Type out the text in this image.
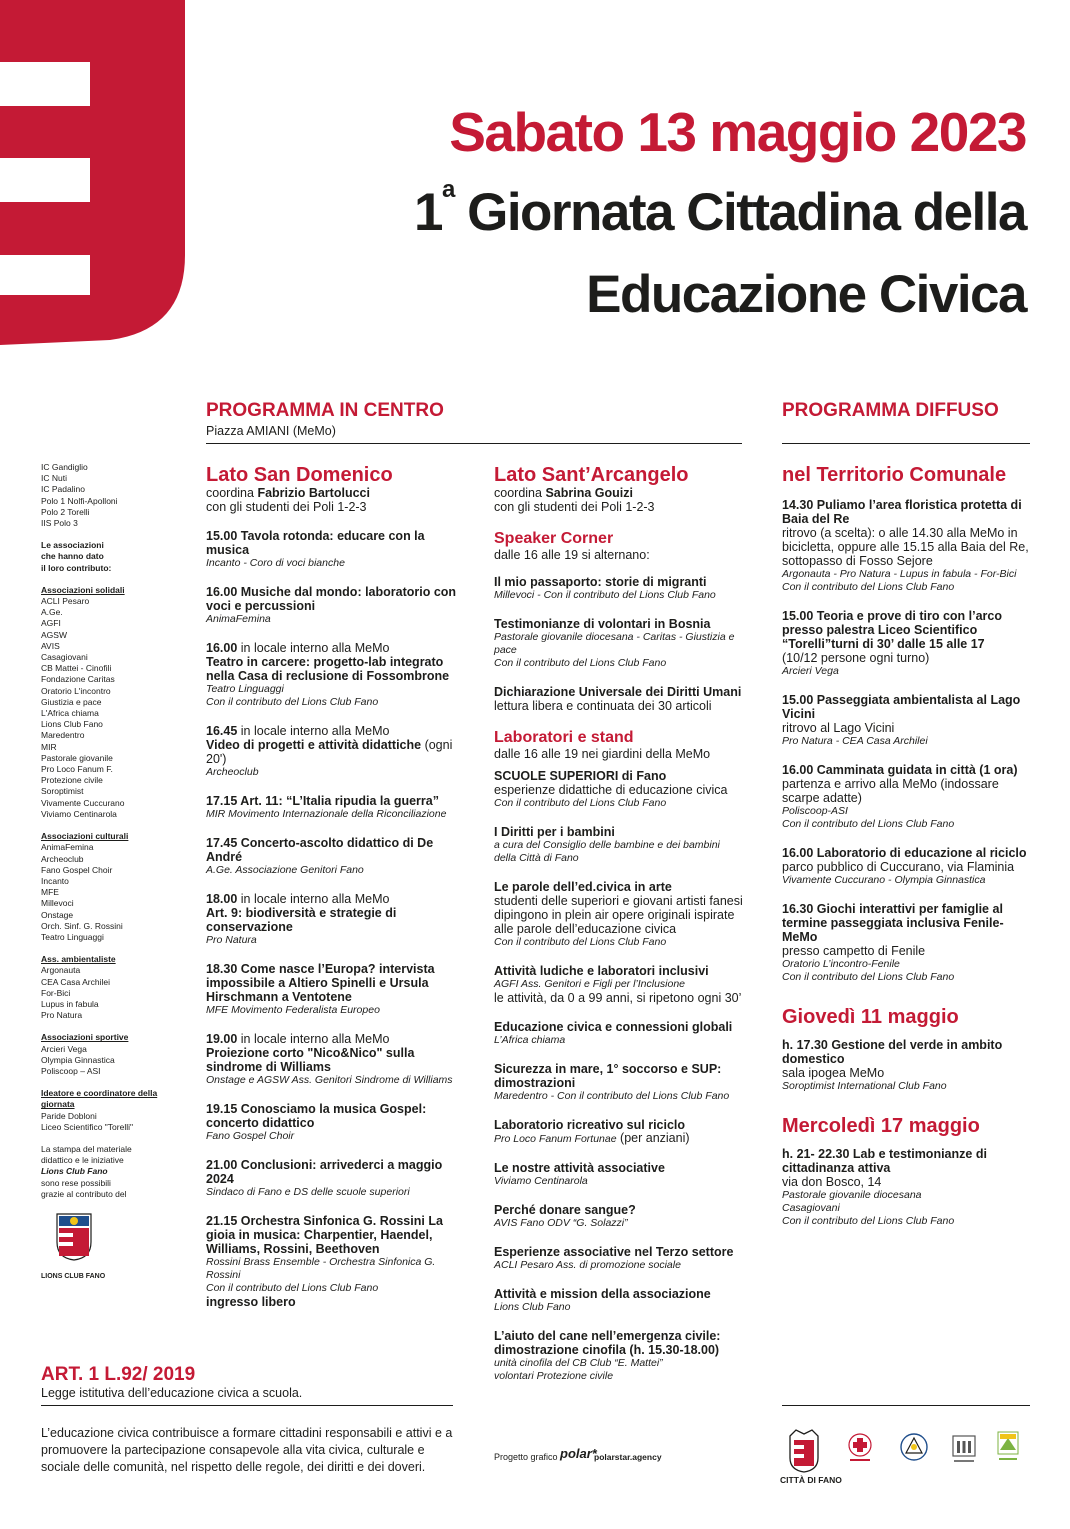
Sabato 13 maggio 2023
1$^a$ Giornata Cittadina della
Educazione Civica
PROGRAMMA IN CENTRO
Piazza AMIANI (MeMo)
PROGRAMMA DIFFUSO
IC Gandiglio
IC Nuti
IC Padalino
Polo 1 Nolfi-Apolloni
Polo 2 Torelli
IIS Polo 3
Le associazioni
che hanno dato
il loro contributo:
Associazioni solidali
ACLI Pesaro
A.Ge.
AGFI
AGSW
AVIS
Casagiovani
CB Mattei - Cinofili
Fondazione Caritas
Oratorio L'incontro
Giustizia e pace
L'Africa chiama
Lions Club Fano
Maredentro
MIR
Pastorale giovanile
Pro Loco Fanum F.
Protezione civile
Soroptimist
Vivamente Cuccurano
Viviamo Centinarola
Associazioni culturali
AnimaFemina
Archeoclub
Fano Gospel Choir
Incanto
MFE
Millevoci
Onstage
Orch. Sinf. G. Rossini
Teatro Linguaggi
Ass. ambientaliste
Argonauta
CEA Casa Archilei
For-Bici
Lupus in fabula
Pro Natura
Associazioni sportive
Arcieri Vega
Olympia Ginnastica
Poliscoop – ASI
Ideatore e coordinatore della giornata
Paride Dobloni
Liceo Scientifico "Torelli"
La stampa del materiale
didattico e le iniziative
Lions Club Fano
sono rese possibili
grazie al contributo del
LIONS CLUB FANO
Lato San Domenico
coordina Fabrizio Bartolucci
con gli studenti dei Poli 1-2-3
15.00 Tavola rotonda: educare con la musica
Incanto - Coro di voci bianche
16.00 Musiche dal mondo: laboratorio con voci e percussioni
AnimaFemina
16.00 in locale interno alla MeMo
Teatro in carcere: progetto-lab integrato nella Casa di reclusione di Fossombrone
Teatro Linguaggi
Con il contributo del Lions Club Fano
16.45 in locale interno alla MeMo
Video di progetti e attività didattiche (ogni 20')
Archeoclub
17.15 Art. 11: “L’Italia ripudia la guerra”
MIR Movimento Internazionale della Riconciliazione
17.45 Concerto-ascolto didattico di De André
A.Ge. Associazione Genitori Fano
18.00 in locale interno alla MeMo
Art. 9: biodiversità e strategie di conservazione
Pro Natura
18.30 Come nasce l’Europa? intervista impossibile a Altiero Spinelli e Ursula Hirschmann a Ventotene
MFE Movimento Federalista Europeo
19.00 in locale interno alla MeMo
Proiezione corto "Nico&Nico" sulla sindrome di Williams
Onstage e AGSW Ass. Genitori Sindrome di Williams
19.15 Conosciamo la musica Gospel: concerto didattico
Fano Gospel Choir
21.00 Conclusioni: arrivederci a maggio 2024
Sindaco di Fano e DS delle scuole superiori
21.15 Orchestra Sinfonica G. Rossini La gioia in musica: Charpentier, Haendel, Williams, Rossini, Beethoven
Rossini Brass Ensemble - Orchestra Sinfonica G. Rossini
Con il contributo del Lions Club Fano
ingresso libero
Lato Sant’Arcangelo
coordina Sabrina Gouizi
con gli studenti dei Poli 1-2-3
Speaker Corner
dalle 16 alle 19 si alternano:
Il mio passaporto: storie di migranti
Millevoci - Con il contributo del Lions Club Fano
Testimonianze di volontari in Bosnia
Pastorale giovanile diocesana - Caritas - Giustizia e pace
Con il contributo del Lions Club Fano
Dichiarazione Universale dei Diritti Umani
lettura libera e continuata dei 30 articoli
Laboratori e stand
dalle 16 alle 19 nei giardini della MeMo
SCUOLE SUPERIORI di Fano
esperienze didattiche di educazione civica
Con il contributo del Lions Club Fano
I Diritti per i bambini
a cura del Consiglio delle bambine e dei bambini della Città di Fano
Le parole dell’ed.civica in arte
studenti delle superiori e giovani artisti fanesi dipingono in plein air opere originali ispirate alle parole dell’educazione civica
Con il contributo del Lions Club Fano
Attività ludiche e laboratori inclusivi
AGFI Ass. Genitori e Figli per l’Inclusione
le attività, da 0 a 99 anni, si ripetono ogni 30’
Educazione civica e connessioni globali
L’Africa chiama
Sicurezza in mare, 1° soccorso e SUP: dimostrazioni
Maredentro - Con il contributo del Lions Club Fano
Laboratorio ricreativo sul riciclo
Pro Loco Fanum Fortunae (per anziani)
Le nostre attività associative
Viviamo Centinarola
Perché donare sangue?
AVIS Fano ODV “G. Solazzi”
Esperienze associative nel Terzo settore
ACLI Pesaro Ass. di promozione sociale
Attività e mission della associazione
Lions Club Fano
L’aiuto del cane nell’emergenza civile: dimostrazione cinofila (h. 15.30-18.00)
unità cinofila del CB Club “E. Mattei”
volontari Protezione civile
nel Territorio Comunale
14.30 Puliamo l’area floristica protetta di Baia del Re
ritrovo (a scelta): o alle 14.30 alla MeMo in bicicletta, oppure alle 15.15 alla Baia del Re, sottopasso di Fosso Sejore
Argonauta - Pro Natura - Lupus in fabula - For-Bici
Con il contributo del Lions Club Fano
15.00 Teoria e prove di tiro con l’arco presso palestra Liceo Scientifico “Torelli”turni di 30’ dalle 15 alle 17
(10/12 persone ogni turno)
Arcieri Vega
15.00 Passeggiata ambientalista al Lago Vicini
ritrovo al Lago Vicini
Pro Natura - CEA Casa Archilei
16.00 Camminata guidata in città (1 ora)
partenza e arrivo alla MeMo (indossare scarpe adatte)
Poliscoop-ASI
Con il contributo del Lions Club Fano
16.00 Laboratorio di educazione al riciclo
parco pubblico di Cuccurano, via Flaminia
Vivamente Cuccurano - Olympia Ginnastica
16.30 Giochi interattivi per famiglie al termine passeggiata inclusiva Fenile-MeMo
presso campetto di Fenile
Oratorio L’incontro-Fenile
Con il contributo del Lions Club Fano
Giovedì 11 maggio
h. 17.30 Gestione del verde in ambito domestico
sala ipogea MeMo
Soroptimist International Club Fano
Mercoledì 17 maggio
h. 21- 22.30 Lab e testimonianze di cittadinanza attiva
via don Bosco, 14
Pastorale giovanile diocesana
Casagiovani
Con il contributo del Lions Club Fano
ART. 1 L.92/ 2019
Legge istitutiva dell’educazione civica a scuola.
L’educazione civica contribuisce a formare cittadini responsabili e attivi e a promuovere la partecipazione consapevole alla vita civica, culturale e sociale delle comunità, nel rispetto delle regole, dei diritti e dei doveri.
Progetto grafico polar*
polarstar.agency
CITTÀ DI FANO
